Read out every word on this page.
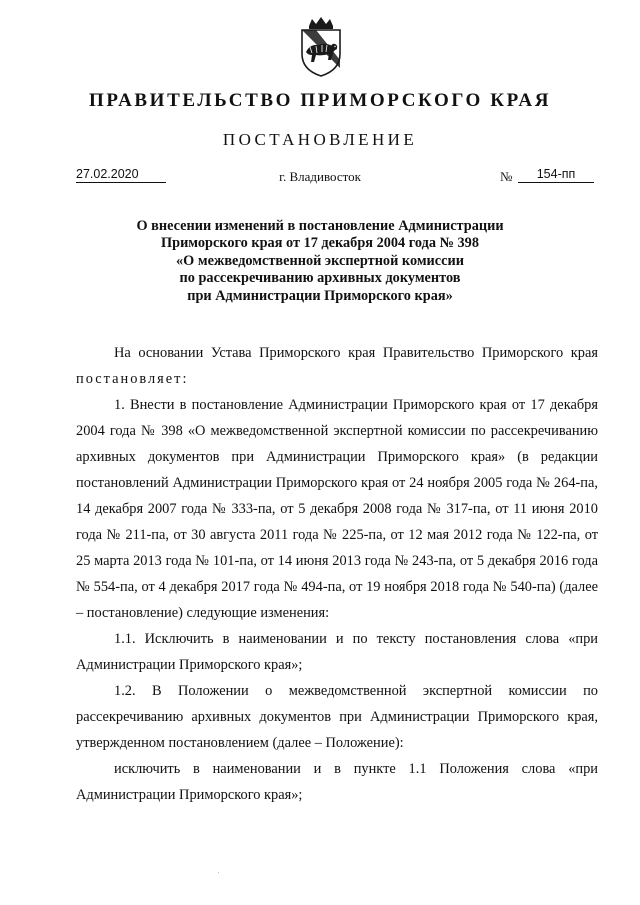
ПРАВИТЕЛЬСТВО ПРИМОРСКОГО КРАЯ
ПОСТАНОВЛЕНИЕ
27.02.2020	г. Владивосток	№	154-пп
О внесении изменений в постановление Администрации
Приморского края от 17 декабря 2004 года № 398
«О межведомственной экспертной комиссии
по рассекречиванию архивных документов
при Администрации Приморского края»

На основании Устава Приморского края Правительство Приморского края постановляет:

1. Внести в постановление Администрации Приморского края от 17 декабря 2004 года № 398 «О межведомственной экспертной комиссии по рассекречиванию архивных документов при Администрации Приморского края» (в редакции постановлений Администрации Приморского края от 24 ноября 2005 года № 264-па, 14 декабря 2007 года № 333-па, от 5 декабря 2008 года № 317-па, от 11 июня 2010 года № 211-па, от 30 августа 2011 года № 225-па, от 12 мая 2012 года № 122-па, от 25 марта 2013 года № 101-па, от 14 июня 2013 года № 243-па, от 5 декабря 2016 года № 554-па, от 4 декабря 2017 года № 494-па, от 19 ноября 2018 года № 540-па) (далее – постановление) следующие изменения:

1.1. Исключить в наименовании и по тексту постановления слова «при Администрации Приморского края»;

1.2. В Положении о межведомственной экспертной комиссии по рассекречиванию архивных документов при Администрации Приморского края, утвержденном постановлением (далее – Положение):

исключить в наименовании и в пункте 1.1 Положения слова «при Администрации Приморского края»;
